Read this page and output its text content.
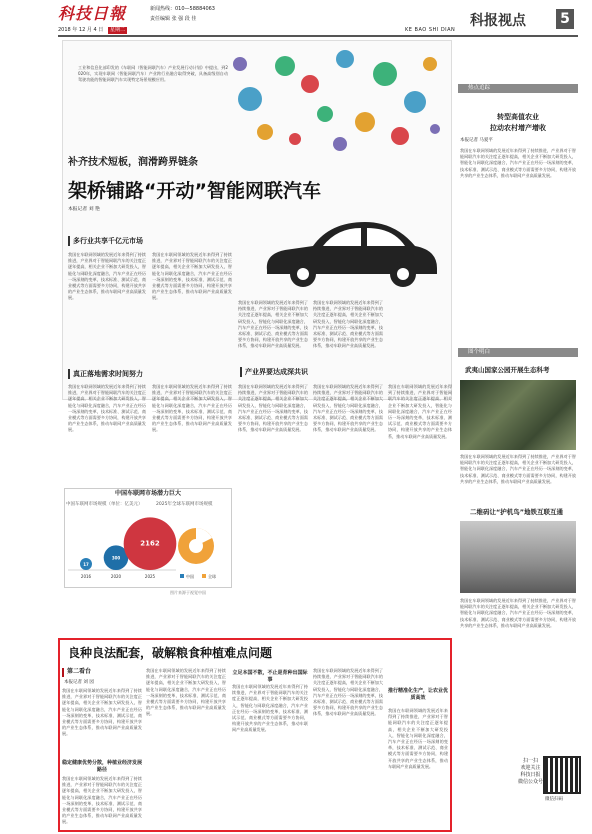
科技日報	新闻热线：010—58884063
责任编辑 张 强 段 佳
2018 年 12 月 4 日	星期二	KE BAO SHI DIAN
科报视点 5
工业和信息化部印发的《车联网（智能网联汽车）产业发展行动计划》中提出，到2020年，实现车联网（智能网联汽车）产业跨行业融合取得突破，具备高级别自动驾驶功能的智能网联汽车实现特定场景规模应用。
补齐技术短板，润滑跨界链条
架桥铺路“开动”智能网联汽车
本报记者 刘 艳
多行业共享千亿元市场
真正落地需求时间努力	产业界要达成深共识
我国在车联网领域的发展近年来得到了持续推进，产业界对于智能网联汽车的关注度正逐年提高，相关企业不断加大研发投入，智能化与网联化深度融合，汽车产业正在经历一场深刻的变革，技术标准、测试示范、商业模式等方面需要多方协同，构建开放共享的产业生态体系，推动车联网产业高质量发展。
我国在车联网领域的发展近年来得到了持续推进，产业界对于智能网联汽车的关注度正逐年提高，相关企业不断加大研发投入，智能化与网联化深度融合，汽车产业正在经历一场深刻的变革，技术标准、测试示范、商业模式等方面需要多方协同，构建开放共享的产业生态体系，推动车联网产业高质量发展。
我国在车联网领域的发展近年来得到了持续推进，产业界对于智能网联汽车的关注度正逐年提高，相关企业不断加大研发投入，智能化与网联化深度融合，汽车产业正在经历一场深刻的变革，技术标准、测试示范、商业模式等方面需要多方协同，构建开放共享的产业生态体系，推动车联网产业高质量发展。
我国在车联网领域的发展近年来得到了持续推进，产业界对于智能网联汽车的关注度正逐年提高，相关企业不断加大研发投入，智能化与网联化深度融合，汽车产业正在经历一场深刻的变革，技术标准、测试示范、商业模式等方面需要多方协同，构建开放共享的产业生态体系，推动车联网产业高质量发展。
我国在车联网领域的发展近年来得到了持续推进，产业界对于智能网联汽车的关注度正逐年提高，相关企业不断加大研发投入，智能化与网联化深度融合，汽车产业正在经历一场深刻的变革，技术标准、测试示范、商业模式等方面需要多方协同，构建开放共享的产业生态体系，推动车联网产业高质量发展。
我国在车联网领域的发展近年来得到了持续推进，产业界对于智能网联汽车的关注度正逐年提高，相关企业不断加大研发投入，智能化与网联化深度融合，汽车产业正在经历一场深刻的变革，技术标准、测试示范、商业模式等方面需要多方协同，构建开放共享的产业生态体系，推动车联网产业高质量发展。
我国在车联网领域的发展近年来得到了持续推进，产业界对于智能网联汽车的关注度正逐年提高，相关企业不断加大研发投入，智能化与网联化深度融合，汽车产业正在经历一场深刻的变革，技术标准、测试示范、商业模式等方面需要多方协同，构建开放共享的产业生态体系，推动车联网产业高质量发展。
我国在车联网领域的发展近年来得到了持续推进，产业界对于智能网联汽车的关注度正逐年提高，相关企业不断加大研发投入，智能化与网联化深度融合，汽车产业正在经历一场深刻的变革，技术标准、测试示范、商业模式等方面需要多方协同，构建开放共享的产业生态体系，推动车联网产业高质量发展。
我国在车联网领域的发展近年来得到了持续推进，产业界对于智能网联汽车的关注度正逐年提高，相关企业不断加大研发投入，智能化与网联化深度融合，汽车产业正在经历一场深刻的变革，技术标准、测试示范、商业模式等方面需要多方协同，构建开放共享的产业生态体系，推动车联网产业高质量发展。
中国车联网市场潜力巨大
中国车联网市场规模（单位：亿美元）	2025年全球车联网市场规模
17
2016
300
2020
2162
2025	中国	全球
图片来源于视觉中国
热点追踪
转型高值农业
拉动农村增产增收
本报记者 马爱平
我国在车联网领域的发展近年来得到了持续推进，产业界对于智能网联汽车的关注度正逐年提高，相关企业不断加大研发投入，智能化与网联化深度融合，汽车产业正在经历一场深刻的变革，技术标准、测试示范、商业模式等方面需要多方协同，构建开放共享的产业生态体系，推动车联网产业高质量发展。
图个明白
武夷山国家公园开展生态科考
我国在车联网领域的发展近年来得到了持续推进，产业界对于智能网联汽车的关注度正逐年提高，相关企业不断加大研发投入，智能化与网联化深度融合，汽车产业正在经历一场深刻的变革，技术标准、测试示范、商业模式等方面需要多方协同，构建开放共享的产业生态体系，推动车联网产业高质量发展。
二维码让“护机鸟”地铁互联互通
我国在车联网领域的发展近年来得到了持续推进，产业界对于智能网联汽车的关注度正逐年提高，相关企业不断加大研发投入，智能化与网联化深度融合，汽车产业正在经历一场深刻的变革，技术标准、测试示范、商业模式等方面需要多方协同，构建开放共享的产业生态体系，推动车联网产业高质量发展。
良种良法配套，破解粮食种植难点问题
第二看台
本报记者 刘 园
我国在车联网领域的发展近年来得到了持续推进，产业界对于智能网联汽车的关注度正逐年提高，相关企业不断加大研发投入，智能化与网联化深度融合，汽车产业正在经历一场深刻的变革，技术标准、测试示范、商业模式等方面需要多方协同，构建开放共享的产业生态体系，推动车联网产业高质量发展。
稳定健康优势分散，种植业经济发展路径
我国在车联网领域的发展近年来得到了持续推进，产业界对于智能网联汽车的关注度正逐年提高，相关企业不断加大研发投入，智能化与网联化深度融合，汽车产业正在经历一场深刻的变革，技术标准、测试示范、商业模式等方面需要多方协同，构建开放共享的产业生态体系，推动车联网产业高质量发展。
我国在车联网领域的发展近年来得到了持续推进，产业界对于智能网联汽车的关注度正逐年提高，相关企业不断加大研发投入，智能化与网联化深度融合，汽车产业正在经历一场深刻的变革，技术标准、测试示范、商业模式等方面需要多方协同，构建开放共享的产业生态体系，推动车联网产业高质量发展。
立足本国不散，不止是育种出国际事
我国在车联网领域的发展近年来得到了持续推进，产业界对于智能网联汽车的关注度正逐年提高，相关企业不断加大研发投入，智能化与网联化深度融合，汽车产业正在经历一场深刻的变革，技术标准、测试示范、商业模式等方面需要多方协同，构建开放共享的产业生态体系，推动车联网产业高质量发展。
我国在车联网领域的发展近年来得到了持续推进，产业界对于智能网联汽车的关注度正逐年提高，相关企业不断加大研发投入，智能化与网联化深度融合，汽车产业正在经历一场深刻的变革，技术标准、测试示范、商业模式等方面需要多方协同，构建开放共享的产业生态体系，推动车联网产业高质量发展。
推行精准化生产，让农业优质高效
我国在车联网领域的发展近年来得到了持续推进，产业界对于智能网联汽车的关注度正逐年提高，相关企业不断加大研发投入，智能化与网联化深度融合，汽车产业正在经历一场深刻的变革，技术标准、测试示范、商业模式等方面需要多方协同，构建开放共享的产业生态体系，推动车联网产业高质量发展。
扫一扫
欢迎关注
科技日报
微信公众号
微信扫码
